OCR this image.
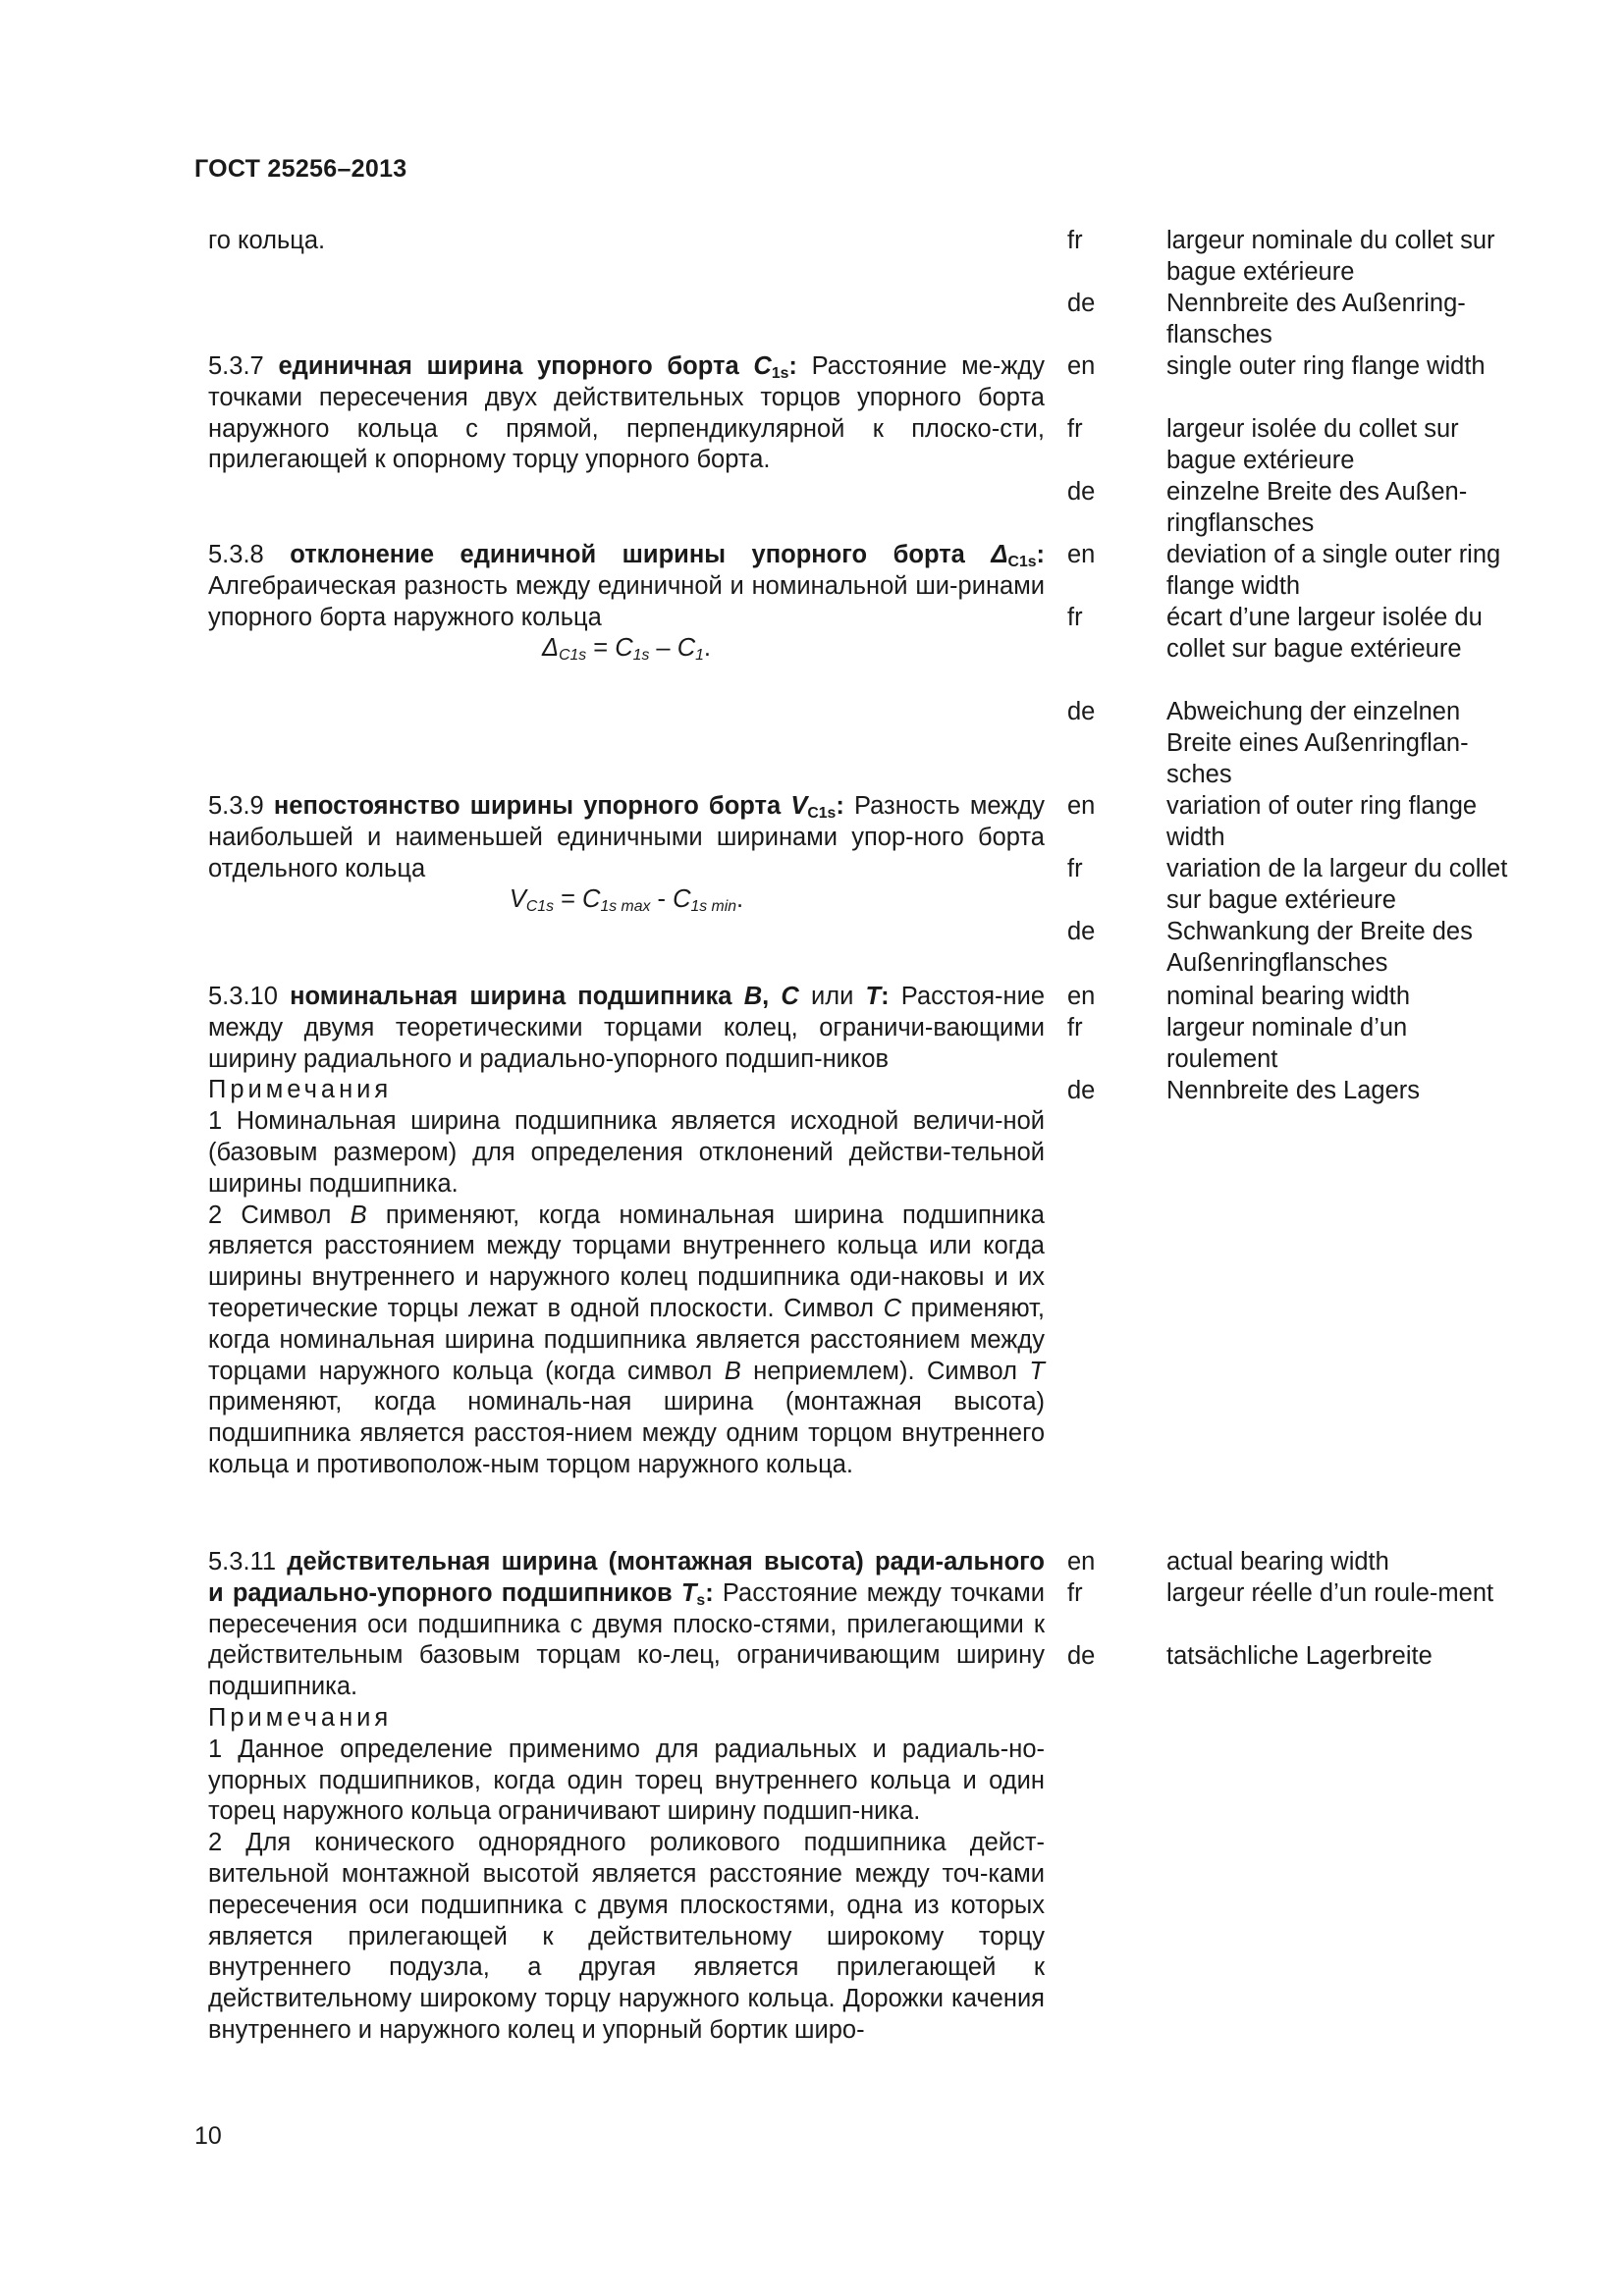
ГОСТ 25256–2013
го кольца.	fr	largeur nominale du collet sur bague extérieure
de	Nennbreite des Außenring-flansches
5.3.7 единичная ширина упорного борта $C_{1s}$: Расстояние ме-жду точками пересечения двух действительных торцов упорного борта наружного кольца с прямой, перпендикулярной к плоско-сти, прилегающей к опорному торцу упорного борта.
en	single outer ring flange width
fr	largeur isolée du collet sur bague extérieure
de	einzelne Breite des Außen-ringflansches
5.3.8 отклонение единичной ширины упорного борта $\Delta_{C1s}$: Алгебраическая разность между единичной и номинальной ши-ринами упорного борта наружного кольца
$\Delta_{C1s} = C_{1s} - C_1$.
en	deviation of a single outer ring flange width
fr	écart d’une largeur isolée du collet sur bague extérieure
de	Abweichung der einzelnen Breite eines Außenringflan-sches
5.3.9 непостоянство ширины упорного борта $V_{C1s}$: Разность между наибольшей и наименьшей единичными ширинами упор-ного борта отдельного кольца
$V_{C1s} = C_{1s max} - C_{1s min}$.
en	variation of outer ring flange width
fr	variation de la largeur du collet sur bague extérieure
de	Schwankung der Breite des Außenringflansches

5.3.10 номинальная ширина подшипника B, C или T: Расстоя-ние между двумя теоретическими торцами колец, ограничи-вающими ширину радиального и радиально-упорного подшип-ников

Примечания

1 Номинальная ширина подшипника является исходной величи-ной (базовым размером) для определения отклонений действи-тельной ширины подшипника.

2 Символ B применяют, когда номинальная ширина подшипника является расстоянием между торцами внутреннего кольца или когда ширины внутреннего и наружного колец подшипника оди-наковы и их теоретические торцы лежат в одной плоскости. Символ C применяют, когда номинальная ширина подшипника является расстоянием между торцами наружного кольца (когда символ B неприемлем). Символ T применяют, когда номиналь-ная ширина (монтажная высота) подшипника является расстоя-нием между одним торцом внутреннего кольца и противополож-ным торцом наружного кольца.

en	nominal bearing width
fr	largeur nominale d’un roulement
de	Nennbreite des Lagers

5.3.11 действительная ширина (монтажная высота) ради-ального и радиально-упорного подшипников $T_s$: Расстояние между точками пересечения оси подшипника с двумя плоско-стями, прилегающими к действительным базовым торцам ко-лец, ограничивающим ширину подшипника.

Примечания

1 Данное определение применимо для радиальных и радиаль-но-упорных подшипников, когда один торец внутреннего кольца и один торец наружного кольца ограничивают ширину подшип-ника.

2 Для конического однорядного роликового подшипника дейст-вительной монтажной высотой является расстояние между точ-ками пересечения оси подшипника с двумя плоскостями, одна из которых является прилегающей к действительному широкому торцу внутреннего подузла, а другая является прилегающей к действительному широкому торцу наружного кольца. Дорожки качения внутреннего и наружного колец и упорный бортик широ-

en	actual bearing width
fr	largeur réelle d’un roule-ment
de	tatsächliche Lagerbreite
10
